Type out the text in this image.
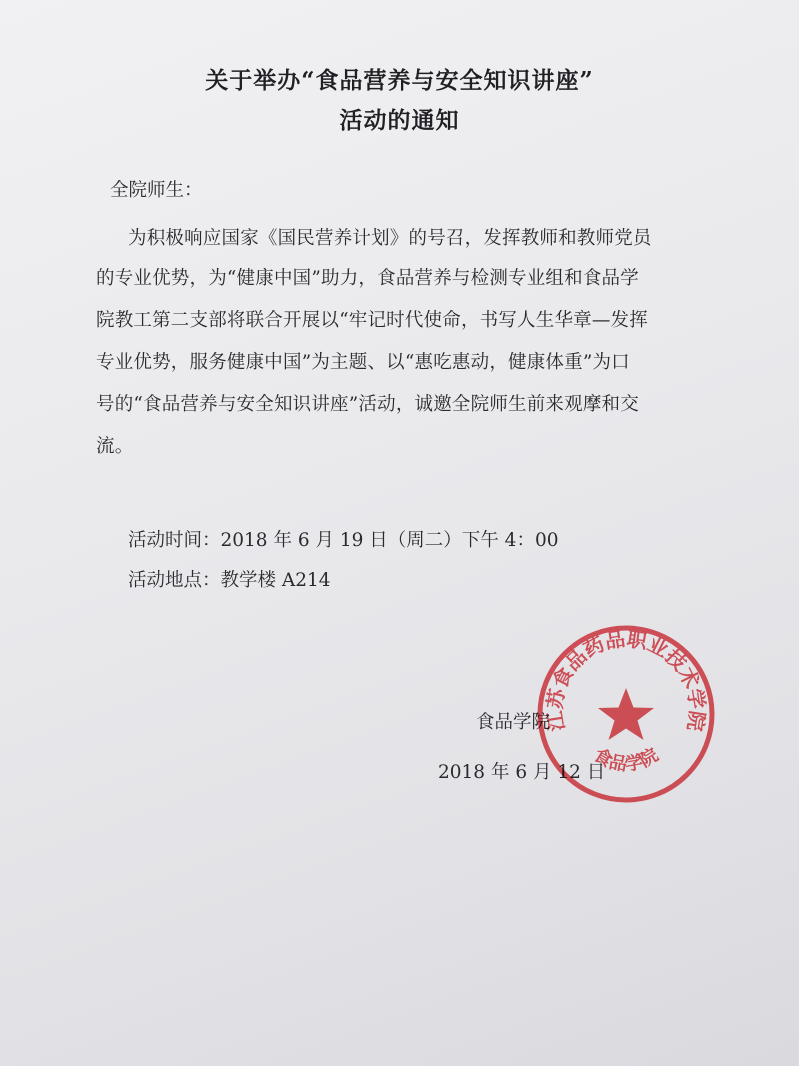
关于举办“食品营养与安全知识讲座”
活动的通知
全院师生：
为积极响应国家《国民营养计划》的号召，发挥教师和教师党员
的专业优势，为“健康中国”助力，食品营养与检测专业组和食品学
院教工第二支部将联合开展以“牢记时代使命，书写人生华章—发挥
专业优势，服务健康中国”为主题、以“惠吃惠动，健康体重”为口
号的“食品营养与安全知识讲座”活动，诚邀全院师生前来观摩和交
流。
活动时间：2018 年 6 月 19 日（周二）下午 4：00
活动地点：教学楼 A214
食品学院
2018 年 6 月 12 日
江苏食品药品职业技术学院
食品学院
